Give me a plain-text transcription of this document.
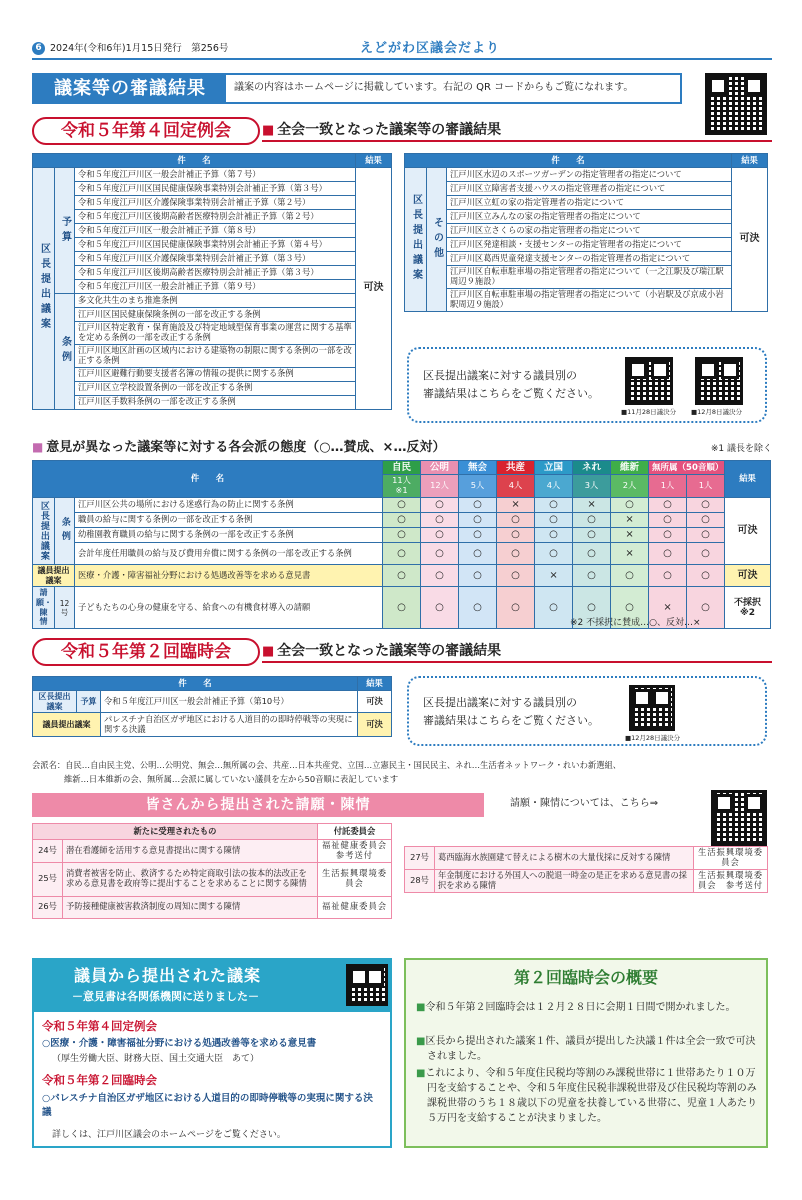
6 2024年(令和6年)1月15日発行　第256号	えどがわ区議会だより
議案等の審議結果	議案の内容はホームページに掲載しています。右記の QR コードからもご覧になれます。
令和５年第４回定例会	■ 全会一致となった議案等の審議結果
件　　名			結果
区長提出議案	予算	令和５年度江戸川区一般会計補正予算（第７号）	可決
		令和５年度江戸川区国民健康保険事業特別会計補正予算（第３号）	
		令和５年度江戸川区介護保険事業特別会計補正予算（第２号）	
		令和５年度江戸川区後期高齢者医療特別会計補正予算（第２号）	
		令和５年度江戸川区一般会計補正予算（第８号）	
		令和５年度江戸川区国民健康保険事業特別会計補正予算（第４号）	
		令和５年度江戸川区介護保険事業特別会計補正予算（第３号）	
		令和５年度江戸川区後期高齢者医療特別会計補正予算（第３号）	
		令和５年度江戸川区一般会計補正予算（第９号）	
	条例	多文化共生のまち推進条例	
		江戸川区国民健康保険条例の一部を改正する条例	
		江戸川区特定教育・保育施設及び特定地域型保育事業の運営に関する基準を定める条例の一部を改正する条例	
		江戸川区地区計画の区域内における建築物の制限に関する条例の一部を改正する条例	
		江戸川区避難行動要支援者名簿の情報の提供に関する条例	
		江戸川区立学校設置条例の一部を改正する条例	
		江戸川区手数料条例の一部を改正する条例	
件　　名			結果
区長提出議案	その他	江戸川区水辺のスポーツガーデンの指定管理者の指定について	可決
		江戸川区立障害者支援ハウスの指定管理者の指定について	
		江戸川区立虹の家の指定管理者の指定について	
		江戸川区立みんなの家の指定管理者の指定について	
		江戸川区立さくらの家の指定管理者の指定について	
		江戸川区発達相談・支援センターの指定管理者の指定について	
		江戸川区葛西児童発達支援センターの指定管理者の指定について	
		江戸川区自転車駐車場の指定管理者の指定について（一之江駅及び瑞江駅周辺９施設）	
		江戸川区自転車駐車場の指定管理者の指定について（小岩駅及び京成小岩駅周辺９施設）	
区長提出議案に対する議員別の
審議結果はこちらをご覧ください。
■11月28日議決分 ■12月8日議決分
■ 意見が異なった議案等に対する各会派の態度（○…賛成、×…反対）	※1 議長を除く
件　　名			自民	公明	無会	共産	立国	ネれ	維新	無所属（50音順）		結果
			11人※1	12人	5人	4人	4人	3人	2人	1人	1人	
区長提出議案	条例	江戸川区公共の場所における迷惑行為の防止に関する条例	○	○	○	×	○	×	○	○	○	可決
		職員の給与に関する条例の一部を改正する条例	○	○	○	○	○	○	×	○	○	
		幼稚園教育職員の給与に関する条例の一部を改正する条例	○	○	○	○	○	○	×	○	○	
		会計年度任用職員の給与及び費用弁償に関する条例の一部を改正する条例	○	○	○	○	○	○	×	○	○	
議員提出議案		医療・介護・障害福祉分野における処遇改善等を求める意見書	○	○	○	○	×	○	○	○	○	可決
請願・陳情	12号	子どもたちの心身の健康を守る、給食への有機食材導入の請願	○	○	○	○	○	○	○	×	○	不採択
※2
※2 不採択に賛成…○、反対…×
令和５年第２回臨時会	■ 全会一致となった議案等の審議結果
件　　名			結果
区長提出議案	予算	令和５年度江戸川区一般会計補正予算（第10号）	可決
議員提出議案		パレスチナ自治区ガザ地区における人道目的の即時停戦等の実現に関する決議	可決
区長提出議案に対する議員別の
審議結果はこちらをご覧ください。
■12月28日議決分
会派名：自民…自由民主党、公明…公明党、無会…無所属の会、共産…日本共産党、立国…立憲民主・国民民主、ネれ…生活者ネットワーク・れいわ新選組、
維新…日本維新の会、無所属…会派に属していない議員を左から50音順に表記しています
皆さんから提出された請願・陳情	請願・陳情については、こちら⇒
新たに受理されたもの		付託委員会
24号	潜在看護師を活用する意見書提出に関する陳情	福祉健康委員会　参考送付
25号	消費者被害を防止、救済するため特定商取引法の抜本的法改正を求める意見書を政府等に提出することを求めることに関する陳情	生活振興環境委員会
26号	予防接種健康被害救済制度の周知に関する陳情	福祉健康委員会
27号	葛西臨海水族園建て替えによる樹木の大量伐採に反対する陳情	生活振興環境委員会
28号	年金制度における外国人への脱退一時金の是正を求める意見書の採択を求める陳情	生活振興環境委員会　参考送付
議員から提出された議案
－意見書は各関係機関に送りました－
令和５年第４回定例会
○医療・介護・障害福祉分野における処遇改善等を求める意見書
（厚生労働大臣、財務大臣、国土交通大臣　あて）
令和５年第２回臨時会
○パレスチナ自治区ガザ地区における人道目的の即時停戦等の実現に関する決議
詳しくは、江戸川区議会のホームページをご覧ください。
第２回臨時会の概要
■令和５年第２回臨時会は１２月２８日に会期１日間で開かれました。
■区長から提出された議案１件、議員が提出した決議１件は全会一致で可決されました。
■これにより、令和５年度住民税均等割のみ課税世帯に１世帯あたり１０万円を支給することや、令和５年度住民税非課税世帯及び住民税均等割のみ課税世帯のうち１８歳以下の児童を扶養している世帯に、児童１人あたり５万円を支給することが決まりました。
